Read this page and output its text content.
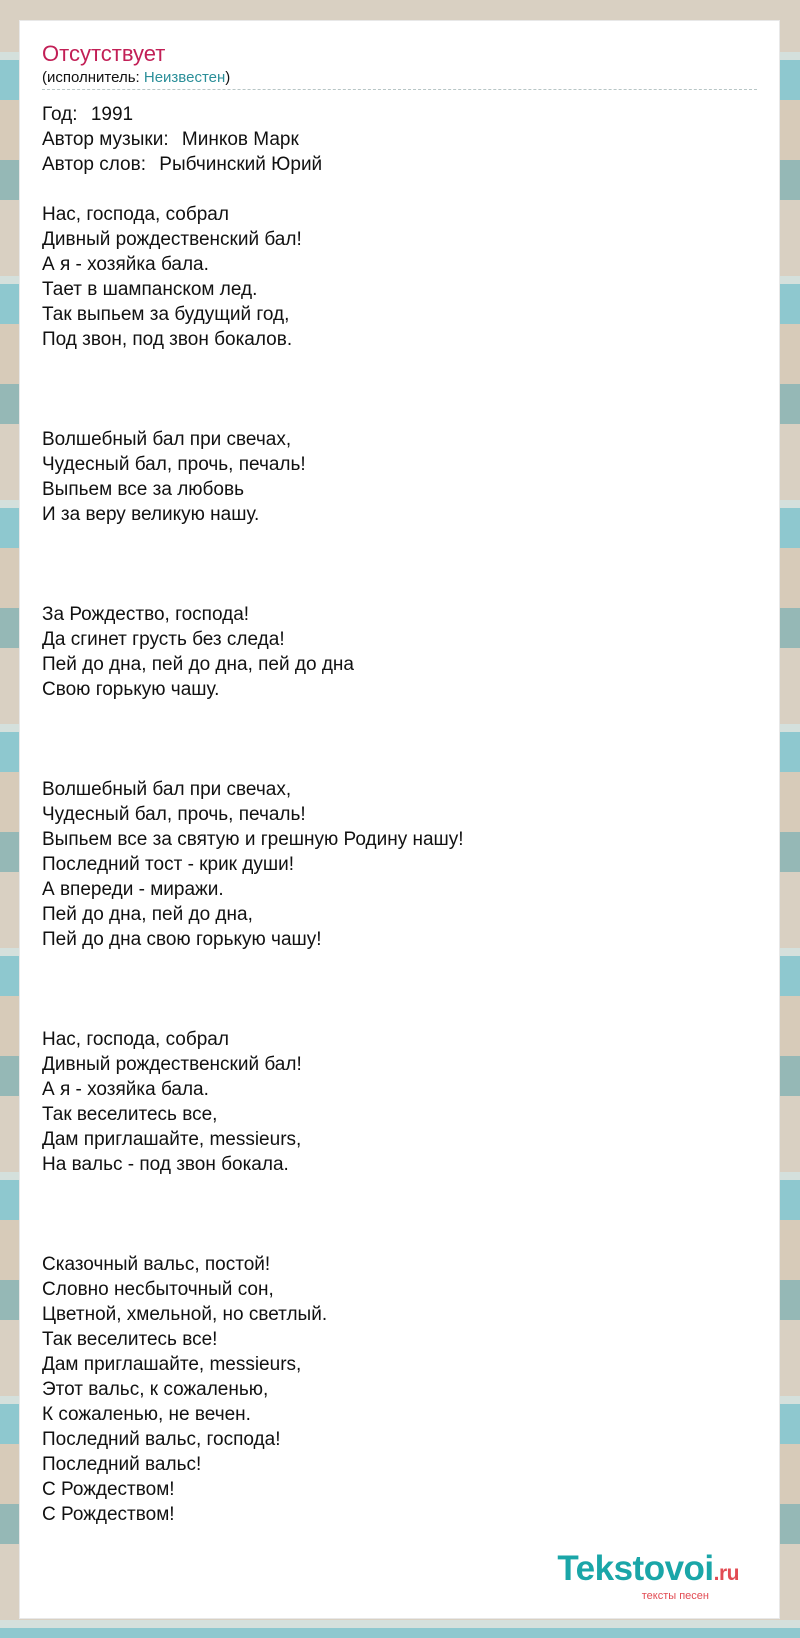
Отсутствует
(исполнитель: Неизвестен)
Год: 1991
Автор музыки: Минков Марк
Автор слов: Рыбчинский Юрий
Нас, господа, собрал
Дивный рождественский бал!
А я - хозяйка бала.
Тает в шампанском лед.
Так выпьем за будущий год,
Под звон, под звон бокалов.
Волшебный бал при свечах,
Чудесный бал, прочь, печаль!
Выпьем все за любовь
И за веру великую нашу.
За Рождество, господа!
Да сгинет грусть без следа!
Пей до дна, пей до дна, пей до дна
Свою горькую чашу.
Волшебный бал при свечах,
Чудесный бал, прочь, печаль!
Выпьем все за святую и грешную Родину нашу!
Последний тост - крик души!
А впереди - миражи.
Пей до дна, пей до дна,
Пей до дна свою горькую чашу!
Нас, господа, собрал
Дивный рождественский бал!
А я - хозяйка бала.
Так веселитесь все,
Дам приглашайте, messieurs,
На вальс - под звон бокала.
Сказочный вальс, постой!
Словно несбыточный сон,
Цветной, хмельной, но светлый.
Так веселитесь все!
Дам приглашайте, messieurs,
Этот вальс, к сожаленью,
К сожаленью, не вечен.
Последний вальс, господа!
Последний вальс!
С Рождеством!
С Рождеством!
Tekstovoi.ru
тексты песен
